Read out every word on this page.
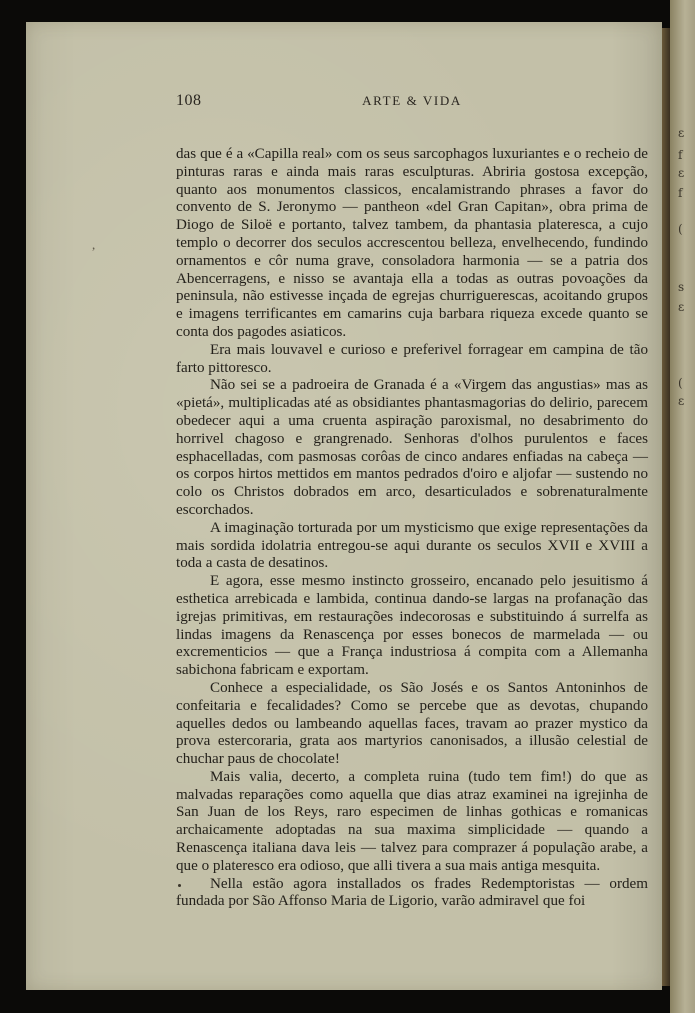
ε
f
ε
f
(
s
ε
(
ε
108	ARTE & VIDA
,

das que é a «Capilla real» com os seus sarcophagos luxuriantes e o recheio de pinturas raras e ainda mais raras esculpturas. Abriria gostosa excepção, quanto aos monumentos classicos, encalamistrando phrases a favor do convento de S. Jeronymo — pantheon «del Gran Capitan», obra prima de Diogo de Siloë e portanto, talvez tambem, da phantasia plateresca, a cujo templo o decorrer dos seculos accrescentou belleza, envelhecendo, fundindo ornamentos e côr numa grave, consoladora harmonia — se a patria dos Abencerragens, e nisso se avantaja ella a todas as outras povoações da peninsula, não estivesse inçada de egrejas churriguerescas, acoitando grupos e imagens terrificantes em camarins cuja barbara riqueza excede quanto se conta dos pagodes asiaticos.

Era mais louvavel e curioso e preferivel forragear em campina de tão farto pittoresco.

Não sei se a padroeira de Granada é a «Virgem das angustias» mas as «pietá», multiplicadas até as obsidiantes phantasmagorias do delirio, parecem obedecer aqui a uma cruenta aspiração paroxismal, no desabrimento do horrivel chagoso e grangrenado. Senhoras d'olhos purulentos e faces esphacelladas, com pasmosas corôas de cinco andares enfiadas na cabeça — os corpos hirtos mettidos em mantos pedrados d'oiro e aljofar — sustendo no colo os Christos dobrados em arco, desarticulados e sobrenaturalmente escorchados.

A imaginação torturada por um mysticismo que exige representações da mais sordida idolatria entregou-se aqui durante os seculos XVII e XVIII a toda a casta de desatinos.

E agora, esse mesmo instincto grosseiro, encanado pelo jesuitismo á esthetica arrebicada e lambida, continua dando-se largas na profanação das igrejas primitivas, em restaurações indecorosas e substituindo á surrelfa as lindas imagens da Renascença por esses bonecos de marmelada — ou excrementicios — que a França industriosa á compita com a Allemanha sabichona fabricam e exportam.

Conhece a especialidade, os São Josés e os Santos Antoninhos de confeitaria e fecalidades? Como se percebe que as devotas, chupando aquelles dedos ou lambeando aquellas faces, travam ao prazer mystico da prova estercoraria, grata aos martyrios canonisados, a illusão celestial de chuchar paus de chocolate!

Mais valia, decerto, a completa ruina (tudo tem fim!) do que as malvadas reparações como aquella que dias atraz examinei na igrejinha de San Juan de los Reys, raro especimen de linhas gothicas e romanicas archaicamente adoptadas na sua maxima simplicidade — quando a Renascença italiana dava leis — talvez para comprazer á população arabe, a que o plateresco era odioso, que alli tivera a sua mais antiga mesquita.

Nella estão agora installados os frades Redemptoristas — ordem fundada por São Affonso Maria de Ligorio, varão admiravel que foi
